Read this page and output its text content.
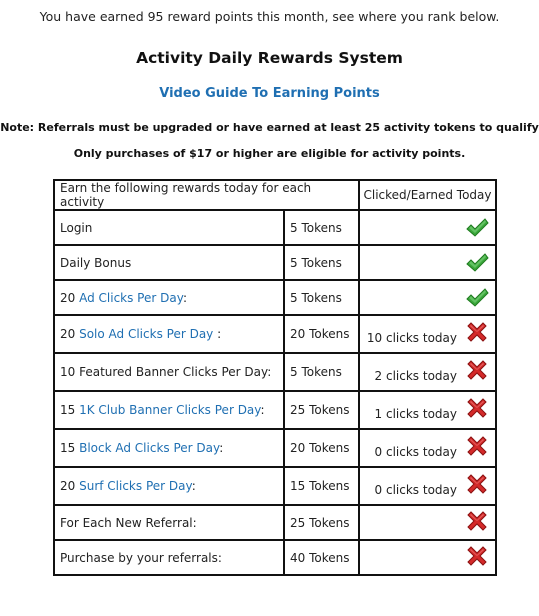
You have earned 95 reward points this month, see where you rank below.
Activity Daily Rewards System
Video Guide To Earning Points
Note: Referrals must be upgraded or have earned at least 25 activity tokens to qualify
Only purchases of $17 or higher are eligible for activity points.
Earn the following rewards today for each activity		Clicked/Earned Today
Login	5 Tokens	

Daily Bonus	5 Tokens	

20 Ad Clicks Per Day:	5 Tokens	

20 Solo Ad Clicks Per Day :	20 Tokens	10 clicks today

10 Featured Banner Clicks Per Day:	5 Tokens	2 clicks today

15 1K Club Banner Clicks Per Day:	25 Tokens	1 clicks today

15 Block Ad Clicks Per Day:	20 Tokens	0 clicks today

20 Surf Clicks Per Day:	15 Tokens	0 clicks today

For Each New Referral:	25 Tokens	

Purchase by your referrals:	40 Tokens	
